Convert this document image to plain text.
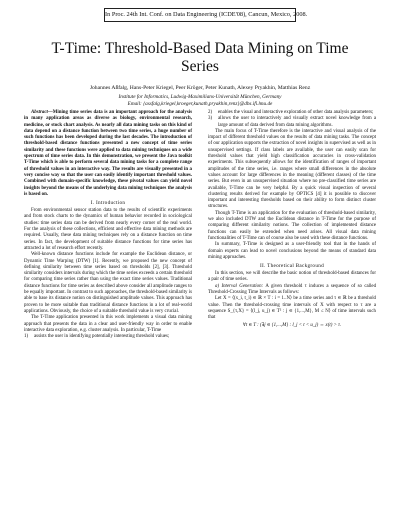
In Proc. 24th Int. Conf. on Data Engineering (ICDE'08), Cancun, Mexico, 2008.
T-Time: Threshold-Based Data Mining on Time
Series
Johannes Aßfalg, Hans-Peter Kriegel, Peer Kröger, Peter Kunath, Alexey Pryakhin, Matthias Renz
Institute for Informatics, Ludwig-Maximilians-Universität München, Germany
Email: {assfalg,kriegel,kroeger,kunath,pryakhin,renz}@dbs.ifi.lmu.de

Abstract—Mining time series data is an important approach for the analysis in many application areas as diverse as biology, environmental research, medicine, or stock chart analysis. As nearly all data mining tasks on this kind of data depend on a distance function between two time series, a huge number of such functions has been developed during the last decades. The introduction of threshold-based distance functions presented a new concept of time series similarity and these functions were applied to data mining techniques on a wide spectrum of time series data. In this demonstration, we present the Java toolkit T-Time which is able to perform several data mining tasks for a complete range of threshold values in an interactive way. The results are visually presented in a very concise way so that the user can easily identify important threshold values. Combined with domain-specific knowledge, these pivotal values can yield novel insights beyond the means of the underlying data mining techniques the analysis is based on.

I. Introduction

From environmental sensor station data to the results of scientific experiments and from stock charts to the dynamics of human behavior recorded in sociological studies: time series data can be derived from nearly every corner of the real world. For the analysis of these collections, efficient and effective data mining methods are required. Usually, these data mining techniques rely on a distance function on time series. In fact, the development of suitable distance functions for time series has attracted a lot of research effort recently.

Well-known distance functions include for example the Euclidean distance, or Dynamic Time Warping (DTW) [1]. Recently, we proposed the new concept of defining similarity between time series based on thresholds [2], [3]. Threshold similarity considers intervals during which the time series exceeds a certain threshold for comparing time series rather than using the exact time series values. Traditional distance functions for time series as described above consider all amplitude ranges to be equally important. In contrast to such approaches, the threshold-based similarity is able to base its distance notion on distinguished amplitude values. This approach has proven to be more suitable than traditional distance functions in a lot of real-world applications. Obviously, the choice of a suitable threshold value is very crucial.

The T-Time application presented in this work implements a visual data mining approach that presents the data in a clear and user-friendly way in order to enable interactive data exploration, e.g. cluster analysis. In particular, T-Time

1) assists the user in identifying potentially interesting threshold values;
2) enables the visual and interactive exploration of other data analysis parameters;
3) allows the user to interactively and visually extract novel knowledge from a large amount of data derived from data mining algorithms.

The main focus of T-Time therefore is the interactive and visual analysis of the impact of different threshold values on the results of data mining tasks. The concept of our application supports the extraction of novel insights in supervised as well as in unsupervised settings. If class labels are available, the user can easily scan for threshold values that yield high classification accuracies in cross-validation experiments. This subsequently allows for the identification of ranges of important amplitudes of the time series, i.e. ranges where small differences in the absolute values account for large differences in the meaning (different classes) of the time series. But even in an unsupervised situation where no pre-classified time series are available, T-Time can be very helpful. By a quick visual inspection of several clustering results derived for example by OPTICS [4] it is possible to discover important and interesting thresholds based on their ability to form distinct cluster structures.

Though T-Time is an application for the evaluation of threshold-based similarity, we also included DTW and the Euclidean distance in T-Time for the purpose of comparing different similarity notions. The collection of implemented distance functions can easily be extended when need arises. All visual data mining functionalities of T-Time can of course also be used with these distance functions.

In summary, T-Time is designed as a user-friendly tool that in the hands of domain experts can lead to novel conclusions beyond the means of standard data mining approaches.

II. Theoretical Background

In this section, we will describe the basic notion of threshold-based distances for a pair of time series.

a) Interval Generation: A given threshold τ induces a sequence of so called Threshold-Crossing Time Intervals as follows:

Let X = ⟨(x_i, t_i) ∈ ℝ × T : i = 1..N⟩ be a time series and τ ∈ ℝ be a threshold value. Then the threshold-crossing time intervals of X with respect to τ are a sequence S_{τ,X} = ⟨(l_j, u_j) ∈ T² : j ∈ {1,...,M}, M ≤ N⟩ of time intervals such that

∀t ∈ T : (∃j ∈ {1,...,M} : l_j < t < u_j) ⇔ x(t) > τ.
